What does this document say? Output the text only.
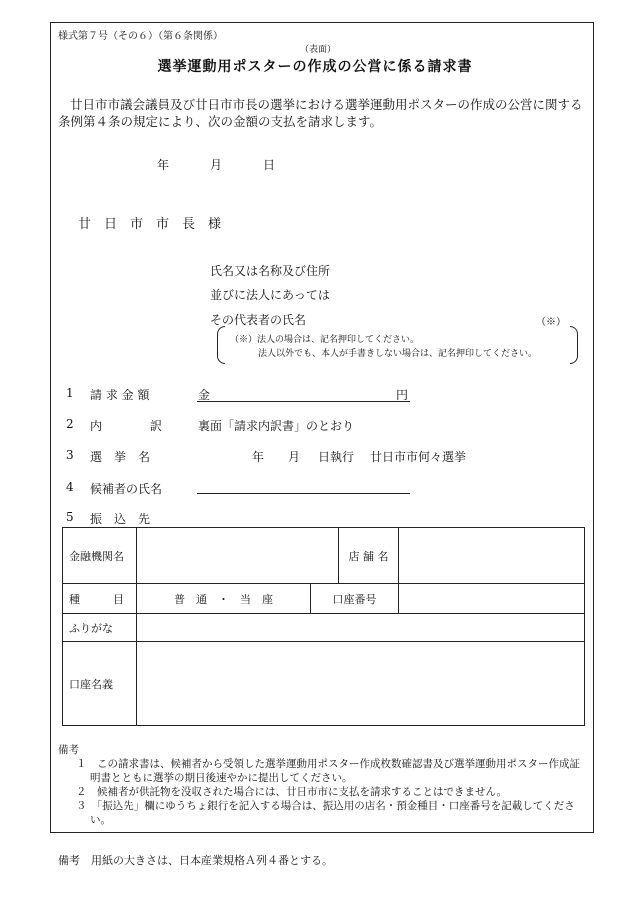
様式第７号（その６）（第６条関係）
（表面）
選挙運動用ポスターの作成の公営に係る請求書
廿日市市議会議員及び廿日市市長の選挙における選挙運動用ポスターの作成の公営に関する条例第４条の規定により、次の金額の支払を請求します。
年	月	日
廿　日　市　市　長　様
氏名又は名称及び住所
並びに法人にあっては
その代表者の氏名	（※）
（※）法人の場合は、記名押印してください。
法人以外でも、本人が手書きしない場合は、記名押印してください。
1 請 求 金 額	金	円
2 内　　　　訳	裏面「請求内訳書」のとおり
3 選　挙　名	年 月 日執行 廿日市市何々選挙
4 候補者の氏名
5 振　込　先
金融機関名			店 舗 名	
種　　　目	普　通　・　当　座	口座番号		
ふりがな				
口座名義				
備考
１　この請求書は、候補者から受領した選挙運動用ポスター作成枚数確認書及び選挙運動用ポスター作成証明書とともに選挙の期日後速やかに提出してください。
２　候補者が供託物を没収された場合には、廿日市市に支払を請求することはできません。
３　「振込先」欄にゆうちょ銀行を記入する場合は、振込用の店名・預金種目・口座番号を記載してください。
備考　用紙の大きさは、日本産業規格Ａ列４番とする。
